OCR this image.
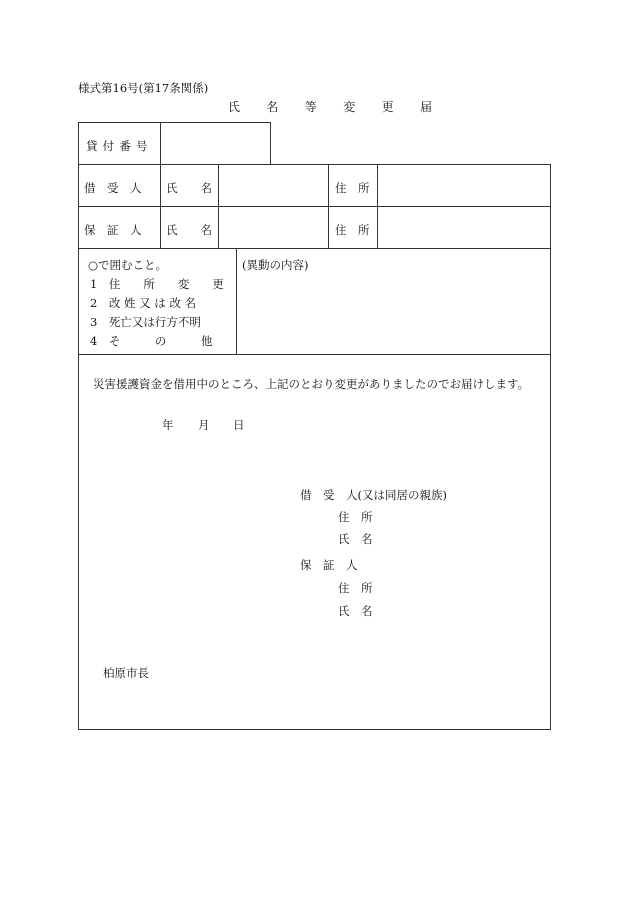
様式第16号(第17条関係)
氏　名　等　変　更　届
貸付番号
借　受　人 氏　　名	住　所
保　証　人 氏　　名	住　所
○で囲むこと。
1　住　　所　　変　　更
2　改 姓 又 は 改 名
3　死亡又は行方不明
4　そ　　　の　　　他
(異動の内容)
災害援護資金を借用中のところ、上記のとおり変更がありましたのでお届けします。
年 月 日
借　受　人(又は同居の親族)
住　所
氏　名
保　証　人
住　所
氏　名
柏原市長
